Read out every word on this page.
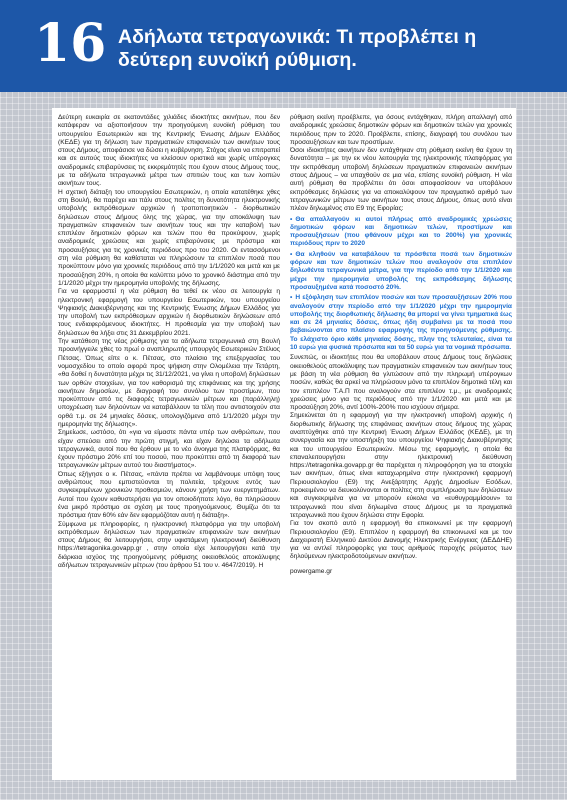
16 Αδήλωτα τετραγωνικά: Τι προβλέπει η δεύτερη ευνοϊκή ρύθμιση.

Δεύτερη ευκαιρία σε εκατοντάδες χιλιάδες ιδιοκτήτες ακινήτων, που δεν κατάφεραν να αξιοποιήσουν την προηγούμενη ευνοϊκή ρύθμιση του υπουργείου Εσωτερικών και της Κεντρικής Ένωσης Δήμων Ελλάδος (ΚΕΔΕ) για τη δήλωση των πραγματικών επιφανειών των ακινήτων τους στους Δήμους, αποφάσισε να δώσει η κυβέρνηση. Στόχος είναι να επιτραπεί και σε αυτούς τους ιδιοκτήτες να κλείσουν οριστικά και χωρίς υπέρογκες αναδρομικές επιβαρύνσεις τις εκκρεμότητές που έχουν στους Δήμους τους, με τα αδήλωτα τετραγωνικά μέτρα των σπιτιών τους και των λοιπών ακινήτων τους.

Η σχετική διάταξη του υπουργείου Εσωτερικών, η οποία κατατέθηκε χθες στη Βουλή, θα παρέχει και πάλι στους πολίτες τη δυνατότητα ηλεκτρονικής υποβολής εκπρόθεσμων αρχικών ή τροποποιητικών - διορθωτικών δηλώσεων στους Δήμους όλης της χώρας, για την αποκάλυψη των πραγματικών επιφανειών των ακινήτων τους και την καταβολή των επιπλέον δημοτικών φόρων και τελών που θα προκύψουν, χωρίς αναδρομικές χρεώσεις και χωρίς επιβαρύνσεις με πρόστιμα και προσαυξήσεις για τις χρονικές περιόδους προ του 2020. Οι εντασσόμενοι στη νέα ρύθμιση θα καθίσταται να πληρώσουν τα επιπλέον ποσά που προκύπτουν μόνο για χρονικές περιόδους από την 1/1/2020 και μετά και με προσαύξηση 20%, η οποία θα καλύπτει μόνο το χρονικό διάστημα από την 1/1/2020 μέχρι την ημερομηνία υποβολής της δήλωσης.

Για να εφαρμοστεί η νέα ρύθμιση θα τεθεί εκ νέου σε λειτουργία η ηλεκτρονική εφαρμογή του υπουργείου Εσωτερικών, του υπουργείου Ψηφιακής Διακυβέρνησης και της Κεντρικής Ένωσης Δήμων Ελλάδος για την υποβολή των εκπρόθεσμων αρχικών ή διορθωτικών δηλώσεων από τους ενδιαφερόμενους ιδιοκτήτες. Η προθεσμία για την υποβολή των δηλώσεων θα λήξει στις 31 Δεκεμβρίου 2021.

Την κατάθεση της νέας ρύθμισης για τα αδήλωτα τετραγωνικά στη Βουλή προανήγγειλε χθες το πρωί ο αναπληρωτής υπουργός Εσωτερικών Στέλιος Πέτσας. Όπως είπε ο κ. Πέτσας, στο πλαίσιο της επεξεργασίας του νομοσχεδίου το οποίο αφορά προς ψήφιση στην Ολομέλεια την Τετάρτη, «θα δοθεί η δυνατότητα μέχρι τις 31/12/2021, να γίνει η υποβολή δηλώσεων των ορθών στοιχείων, για τον καθορισμό της επιφάνειας και της χρήσης ακινήτων δημοσίων, με διαγραφή του συνόλου των προστίμων, που προκύπτουν από τις διαφορές τετραγωνικών μέτρων και (παράλληλη) υποχρέωση των δηλούντων να καταβάλλουν τα τέλη που αντιστοιχούν στα ορθά τ.μ. σε 24 μηνιαίες δόσεις, υπολογιζόμενα από 1/1/2020 μέχρι την ημερομηνία της δήλωσης».

Σημείωσε, ωστόσο, ότι «για να είμαστε πάντα υπέρ των ανθρώπων, που είχαν σπεύσει από την πρώτη στιγμή, και είχαν δηλώσει τα αδήλωτα τετραγωνικά, αυτοί που θα έρθουν με το νέο άνοιγμα της πλατφόρμας, θα έχουν πρόστιμο 20% επί του ποσού, που προκύπτει από τη διαφορά των τετραγωνικών μέτρων αυτού του διαστήματος».

Όπως εξήγησε ο κ. Πέτσας, «πάντα πρέπει να λαμβάνουμε υπόψη τους ανθρώπους που εμπιστεύονται τη πολιτεία, τρέχουνε εντός των συγκεκριμένων χρονικών προθεσμιών, κάνουν χρήση των ευεργετημάτων. Αυτοί που έχουν καθυστερήσει για τον οποιοδήποτε λόγο, θα πληρώσουν ένα μικρό πρόστιμο σε σχέση με τους προηγούμενους. Θυμίζω ότι τα πρόστιμα ήταν 60% εάν δεν εφαρμόζόταν αυτή η διάταξη».

Σύμφωνα με πληροφορίες, η ηλεκτρονική πλατφόρμα για την υποβολή εκπρόθεσμων δηλώσεων των πραγματικών επιφανειών των ακινήτων στους Δήμους θα λειτουργήσει, στην υφιστάμενη ηλεκτρονική διεύθυνση https://tetragonika.govapp.gr , στην οποία είχε λειτουργήσει κατά την διάρκεια ισχύος της προηγούμενης ρύθμισης οικειοθελούς αποκάλυψης αδήλωτων τετραγωνικών μέτρων (του άρθρου 51 του ν. 4647/2019). Η

ρύθμιση εκείνη προέβλεπε, για όσους εντάχθηκαν, πλήρη απαλλαγή από αναδρομικές χρεώσεις δημοτικών φόρων και δημοτικών τελών για χρονικές περιόδους πριν το 2020. Προέβλεπε, επίσης, διαγραφή του συνόλου των προσαυξήσεων και των προστίμων.

Όσοι ιδιοκτήτες ακινήτων δεν εντάχθηκαν στη ρύθμιση εκείνη θα έχουν τη δυνατότητα – με την εκ νέου λειτουργία της ηλεκτρονικής πλατφόρμας για την εκπρόθεσμη υποβολή δηλώσεων πραγματικών επιφανειών ακινήτων στους Δήμους – να υπαχθούν σε μια νέα, επίσης ευνοϊκή ρύθμιση. Η νέα αυτή ρύθμιση θα προβλέπει ότι όσοι αποφασίσουν να υποβάλουν εκπρόθεσμες δηλώσεις για να αποκαλύψουν τον πραγματικό αριθμό των τετραγωνικών μέτρων των ακινήτων τους στους Δήμους, όπως αυτό είναι πλέον δηλωμένος στο Ε9 της Εφορίας:

• Θα απαλλαγούν κι αυτοί πλήρως από αναδρομικές χρεώσεις δημοτικών φόρων και δημοτικών τελών, προστίμων και προσαυξήσεων (που φθάνουν μέχρι και το 200%) για χρονικές περιόδους πριν το 2020

• Θα κληθούν να καταβάλουν τα πρόσθετα ποσά των δημοτικών φόρων και των δημοτικών τελών που αναλογούν στα επιπλέον δηλωθέντα τετραγωνικά μέτρα, για την περίοδο από την 1/1/2020 και μέχρι την ημερομηνία υποβολής της εκπρόθεσμης δήλωσης προσαυξημένα κατά ποσοστό 20%.

• Η εξόφληση των επιπλέον ποσών και των προσαυξήσεων 20% που αναλογούν στην περίοδο από την 1/1/2020 μέχρι την ημερομηνία υποβολής της διορθωτικής δήλωσης θα μπορεί να γίνει τμηματικά έως και σε 24 μηνιαίες δόσεις, όπως ήδη συμβαίνει με τα ποσά που βεβαιώνονται στο πλαίσιο εφαρμογής της προηγούμενης ρύθμισης. Το ελάχιστο όριο κάθε μηνιαίας δόσης, πλην της τελευταίας, είναι τα 10 ευρώ για φυσικά πρόσωπα και τα 50 ευρώ για τα νομικά πρόσωπα.

Συνεπώς, οι ιδιοκτήτες που θα υποβάλουν στους Δήμους τους δηλώσεις οικειοθελούς αποκάλυψης των πραγματικών επιφανειών των ακινήτων τους με βάση τη νέα ρύθμιση θα γλιτώσουν από την πληρωμή υπέρογκων ποσών, καθώς θα αρκεί να πληρώσουν μόνο τα επιπλέον δημοτικά τέλη και τον επιπλέον Τ.Α.Π που αναλογούν στα επιπλέον τ.μ., με αναδρομικές χρεώσεις μόνο για τις περιόδους από την 1/1/2020 και μετά και με προσαύξηση 20%, αντί 100%-200% που ισχύουν σήμερα.

Σημειώνεται ότι η εφαρμογή για την ηλεκτρονική υποβολή αρχικής ή διορθωτικής δήλωσης της επιφάνειας ακινήτων στους δήμους της χώρας αναπτύχθηκε από την Κεντρική Ένωση Δήμων Ελλάδος (ΚΕΔΕ), με τη συνεργασία και την υποστήριξη του υπουργείου Ψηφιακής Διακυβέρνησης και του υπουργείου Εσωτερικών. Μέσω της εφαρμογής, η οποία θα επαναλειτουργήσει στην ηλεκτρονική διεύθυνση https://tetragonika.govapp.gr θα παρέχεται η πληροφόρηση για τα στοιχεία των ακινήτων, όπως είναι καταχωρημένα στην ηλεκτρονική εφαρμογή Περιουσιολογίου (Ε9) της Ανεξάρτητης Αρχής Δημοσίων Εσόδων, προκειμένου να διευκολύνονται οι πολίτες στη συμπλήρωση των δηλώσεων και συγκεκριμένα για να μπορούν εύκολα να «ευθυγραμμίσουν» τα τετραγωνικά που είναι δηλωμένα στους Δήμους με τα πραγματικά τετραγωνικά που έχουν δηλώσει στην Εφορία.

Για τον σκοπό αυτό η εφαρμογή θα επικοινωνεί με την εφαρμογή Περιουσιολογίου (Ε9). Επιπλέον η εφαρμογή θα επικοινωνεί και με τον Διαχειριστή Ελληνικού Δικτύου Διανομής Ηλεκτρικής Ενέργειας (ΔΕΔΔΗΕ) για να αντλεί πληροφορίες για τους αριθμούς παροχής ρεύματος των δηλούμενων ηλεκτροδοτούμενων ακινήτων.

powergame.gr
